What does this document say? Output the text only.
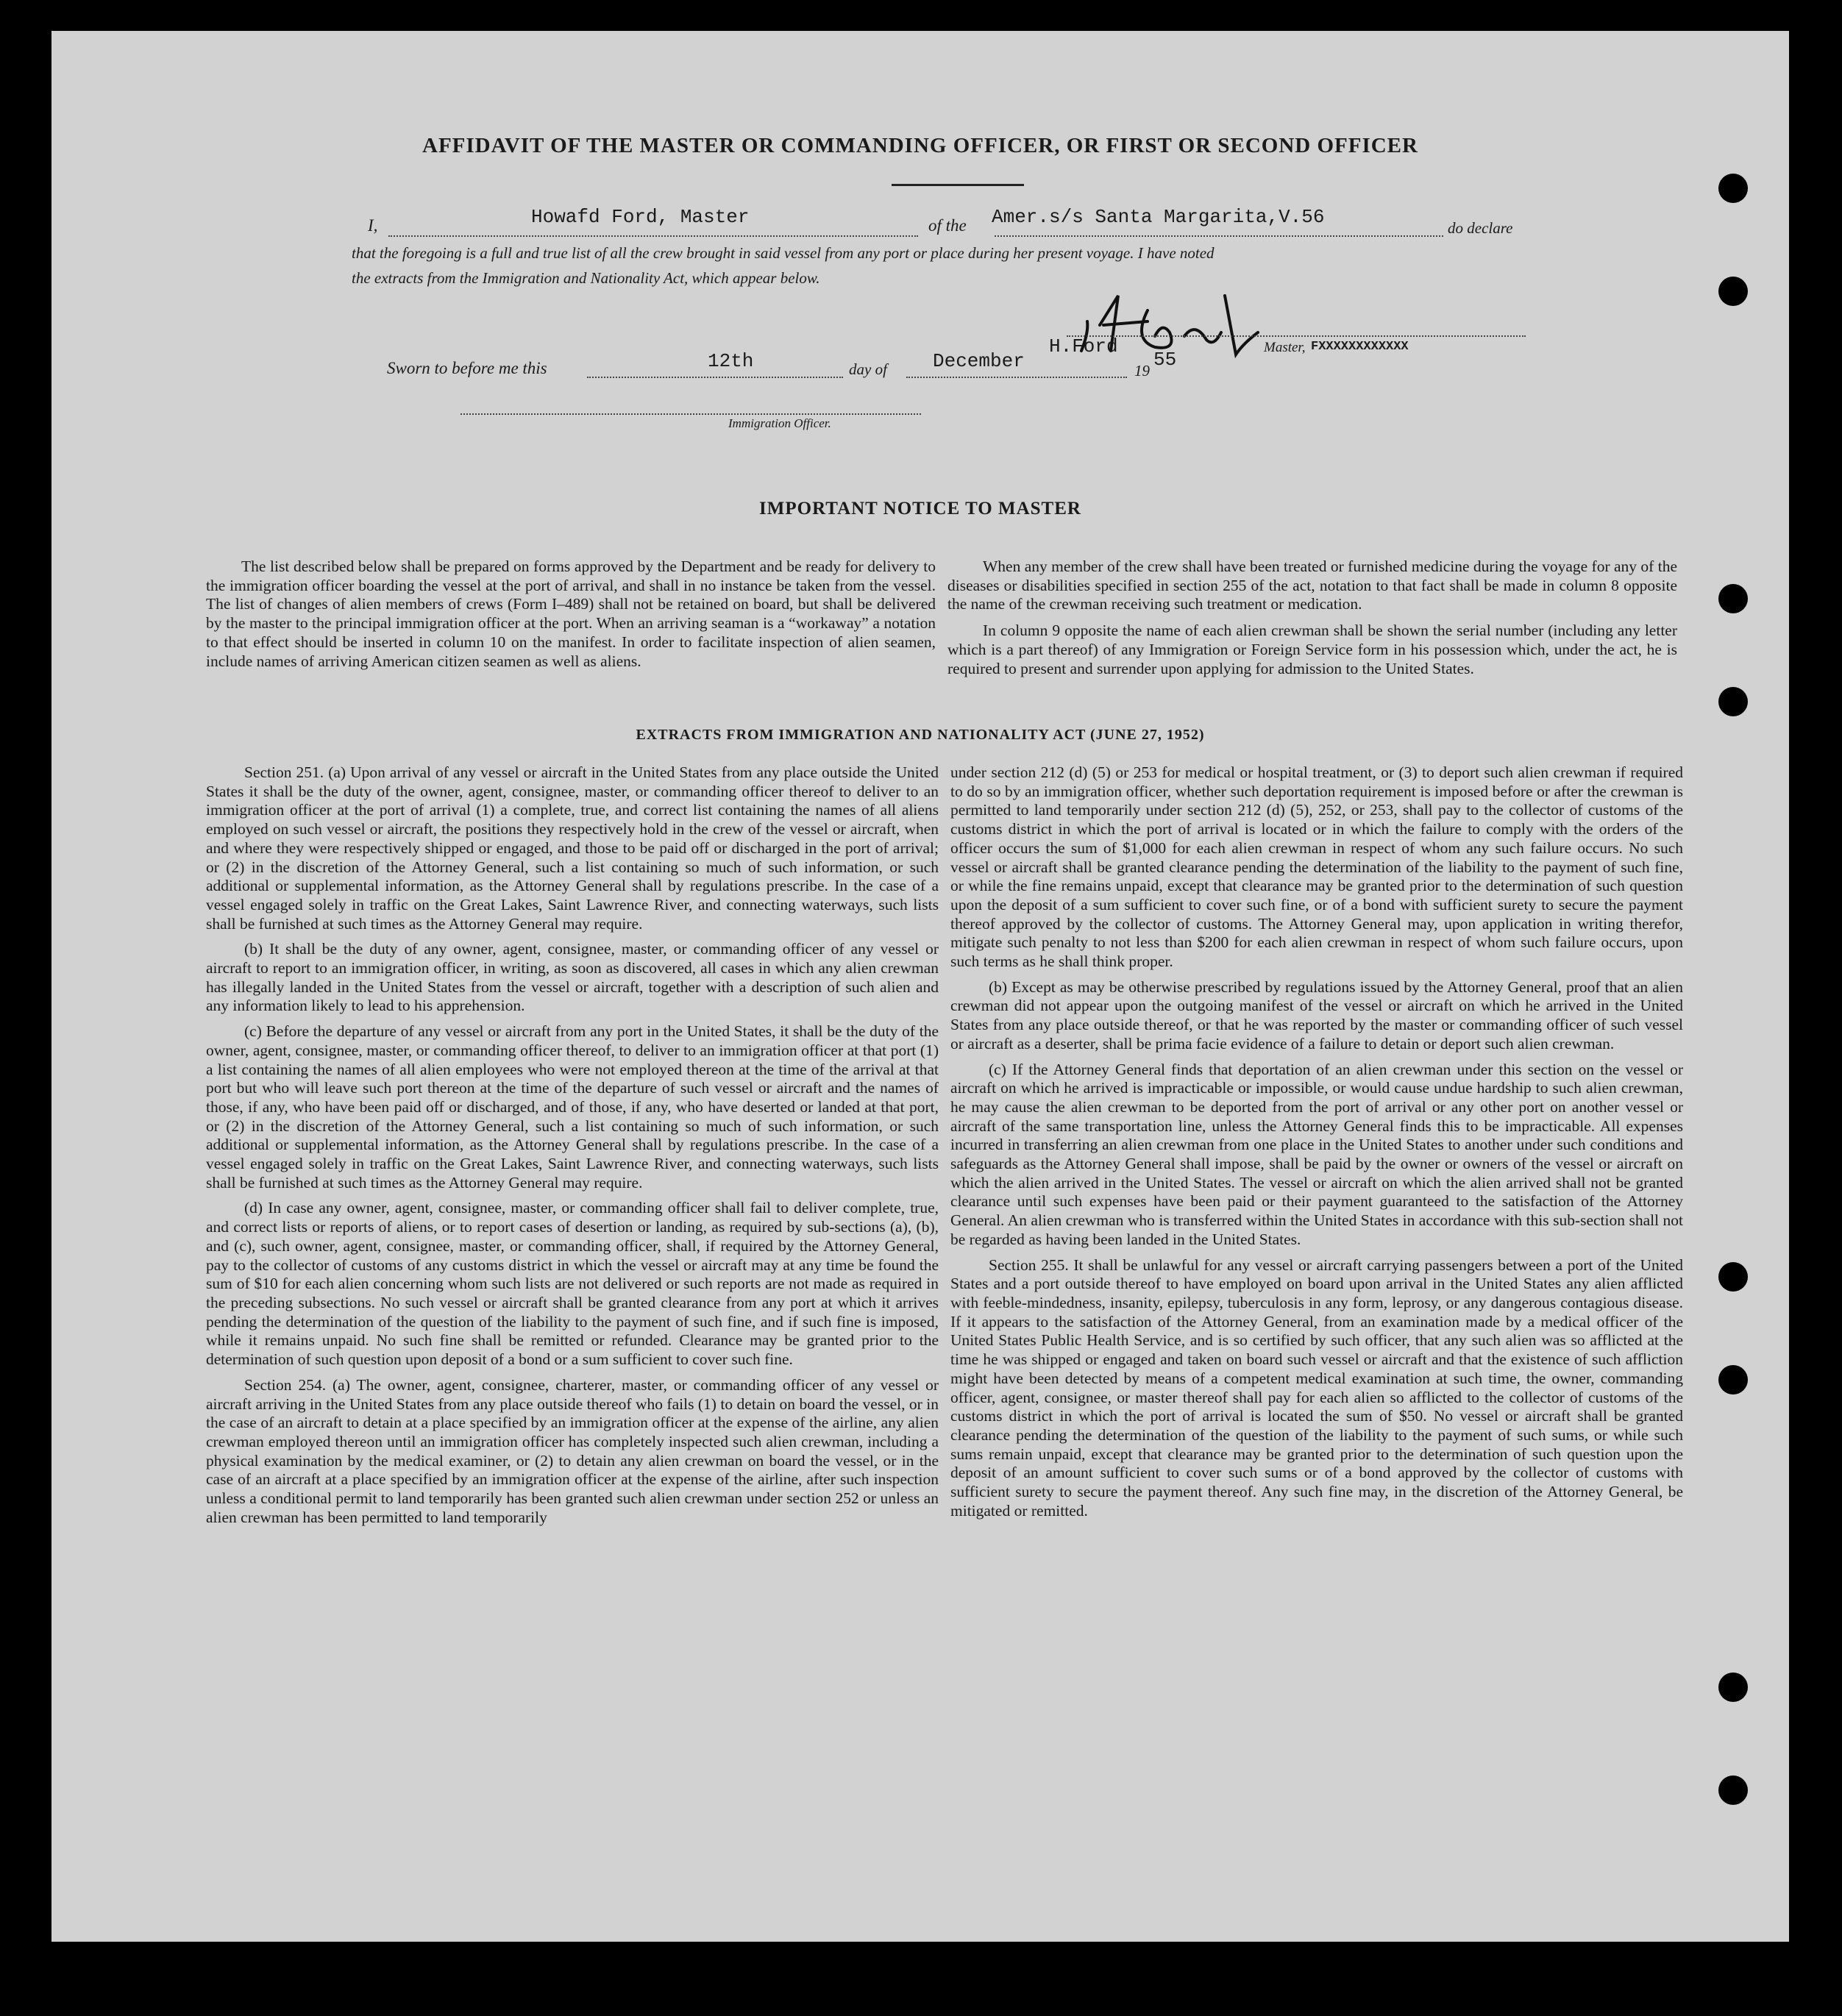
AFFIDAVIT OF THE MASTER OR COMMANDING OFFICER, OR FIRST OR SECOND OFFICER
I,	Howafd Ford, Master	of the Amer.s/s Santa Margarita,V.56	do declare
that the foregoing is a full and true list of all the crew brought in said vessel from any port or place during her present voyage. I have noted
the extracts from the Immigration and Nationality Act, which appear below.
Sworn to before me this	12th	day of December
H.Ford
19 55
Master, FXXXXXXXXXXXX
Immigration Officer.
IMPORTANT NOTICE TO MASTER

The list described below shall be prepared on forms approved by the Department and be ready for delivery to the immigration officer boarding the vessel at the port of arrival, and shall in no instance be taken from the vessel. The list of changes of alien members of crews (Form I–489) shall not be retained on board, but shall be delivered by the master to the principal immigration officer at the port. When an arriving seaman is a “workaway” a notation to that effect should be inserted in column 10 on the manifest. In order to facilitate inspection of alien seamen, include names of arriving American citizen seamen as well as aliens.

When any member of the crew shall have been treated or furnished medicine during the voyage for any of the diseases or disabilities specified in section 255 of the act, notation to that fact shall be made in column 8 opposite the name of the crewman receiving such treatment or medication.

In column 9 opposite the name of each alien crewman shall be shown the serial number (including any letter which is a part thereof) of any Immigration or Foreign Service form in his possession which, under the act, he is required to present and surrender upon applying for admission to the United States.

EXTRACTS FROM IMMIGRATION AND NATIONALITY ACT (JUNE 27, 1952)

Section 251. (a) Upon arrival of any vessel or aircraft in the United States from any place outside the United States it shall be the duty of the owner, agent, consignee, master, or commanding officer thereof to deliver to an immigration officer at the port of arrival (1) a complete, true, and correct list containing the names of all aliens employed on such vessel or aircraft, the positions they respectively hold in the crew of the vessel or aircraft, when and where they were respectively shipped or engaged, and those to be paid off or discharged in the port of arrival; or (2) in the discretion of the Attorney General, such a list containing so much of such information, or such additional or supplemental information, as the Attorney General shall by regulations prescribe. In the case of a vessel engaged solely in traffic on the Great Lakes, Saint Lawrence River, and connecting waterways, such lists shall be furnished at such times as the Attorney General may require.

(b) It shall be the duty of any owner, agent, consignee, master, or commanding officer of any vessel or aircraft to report to an immigration officer, in writing, as soon as discovered, all cases in which any alien crewman has illegally landed in the United States from the vessel or aircraft, together with a description of such alien and any information likely to lead to his apprehension.

(c) Before the departure of any vessel or aircraft from any port in the United States, it shall be the duty of the owner, agent, consignee, master, or commanding officer thereof, to deliver to an immigration officer at that port (1) a list containing the names of all alien employees who were not employed thereon at the time of the arrival at that port but who will leave such port thereon at the time of the departure of such vessel or aircraft and the names of those, if any, who have been paid off or discharged, and of those, if any, who have deserted or landed at that port, or (2) in the discretion of the Attorney General, such a list containing so much of such information, or such additional or supplemental information, as the Attorney General shall by regulations prescribe. In the case of a vessel engaged solely in traffic on the Great Lakes, Saint Lawrence River, and connecting waterways, such lists shall be furnished at such times as the Attorney General may require.

(d) In case any owner, agent, consignee, master, or commanding officer shall fail to deliver complete, true, and correct lists or reports of aliens, or to report cases of desertion or landing, as required by sub-sections (a), (b), and (c), such owner, agent, consignee, master, or commanding officer, shall, if required by the Attorney General, pay to the collector of customs of any customs district in which the vessel or aircraft may at any time be found the sum of $10 for each alien concerning whom such lists are not delivered or such reports are not made as required in the preceding subsections. No such vessel or aircraft shall be granted clearance from any port at which it arrives pending the determination of the question of the liability to the payment of such fine, and if such fine is imposed, while it remains unpaid. No such fine shall be remitted or refunded. Clearance may be granted prior to the determination of such question upon deposit of a bond or a sum sufficient to cover such fine.

Section 254. (a) The owner, agent, consignee, charterer, master, or commanding officer of any vessel or aircraft arriving in the United States from any place outside thereof who fails (1) to detain on board the vessel, or in the case of an aircraft to detain at a place specified by an immigration officer at the expense of the airline, any alien crewman employed thereon until an immigration officer has completely inspected such alien crewman, including a physical examination by the medical examiner, or (2) to detain any alien crewman on board the vessel, or in the case of an aircraft at a place specified by an immigration officer at the expense of the airline, after such inspection unless a conditional permit to land temporarily has been granted such alien crewman under section 252 or unless an alien crewman has been permitted to land temporarily

under section 212 (d) (5) or 253 for medical or hospital treatment, or (3) to deport such alien crewman if required to do so by an immigration officer, whether such deportation requirement is imposed before or after the crewman is permitted to land temporarily under section 212 (d) (5), 252, or 253, shall pay to the collector of customs of the customs district in which the port of arrival is located or in which the failure to comply with the orders of the officer occurs the sum of $1,000 for each alien crewman in respect of whom any such failure occurs. No such vessel or aircraft shall be granted clearance pending the determination of the liability to the payment of such fine, or while the fine remains unpaid, except that clearance may be granted prior to the determination of such question upon the deposit of a sum sufficient to cover such fine, or of a bond with sufficient surety to secure the payment thereof approved by the collector of customs. The Attorney General may, upon application in writing therefor, mitigate such penalty to not less than $200 for each alien crewman in respect of whom such failure occurs, upon such terms as he shall think proper.

(b) Except as may be otherwise prescribed by regulations issued by the Attorney General, proof that an alien crewman did not appear upon the outgoing manifest of the vessel or aircraft on which he arrived in the United States from any place outside thereof, or that he was reported by the master or commanding officer of such vessel or aircraft as a deserter, shall be prima facie evidence of a failure to detain or deport such alien crewman.

(c) If the Attorney General finds that deportation of an alien crewman under this section on the vessel or aircraft on which he arrived is impracticable or impossible, or would cause undue hardship to such alien crewman, he may cause the alien crewman to be deported from the port of arrival or any other port on another vessel or aircraft of the same transportation line, unless the Attorney General finds this to be impracticable. All expenses incurred in transferring an alien crewman from one place in the United States to another under such conditions and safeguards as the Attorney General shall impose, shall be paid by the owner or owners of the vessel or aircraft on which the alien arrived in the United States. The vessel or aircraft on which the alien arrived shall not be granted clearance until such expenses have been paid or their payment guaranteed to the satisfaction of the Attorney General. An alien crewman who is transferred within the United States in accordance with this sub-section shall not be regarded as having been landed in the United States.

Section 255. It shall be unlawful for any vessel or aircraft carrying passengers between a port of the United States and a port outside thereof to have employed on board upon arrival in the United States any alien afflicted with feeble-mindedness, insanity, epilepsy, tuberculosis in any form, leprosy, or any dangerous contagious disease. If it appears to the satisfaction of the Attorney General, from an examination made by a medical officer of the United States Public Health Service, and is so certified by such officer, that any such alien was so afflicted at the time he was shipped or engaged and taken on board such vessel or aircraft and that the existence of such affliction might have been detected by means of a competent medical examination at such time, the owner, commanding officer, agent, consignee, or master thereof shall pay for each alien so afflicted to the collector of customs of the customs district in which the port of arrival is located the sum of $50. No vessel or aircraft shall be granted clearance pending the determination of the question of the liability to the payment of such sums, or while such sums remain unpaid, except that clearance may be granted prior to the determination of such question upon the deposit of an amount sufficient to cover such sums or of a bond approved by the collector of customs with sufficient surety to secure the payment thereof. Any such fine may, in the discretion of the Attorney General, be mitigated or remitted.
